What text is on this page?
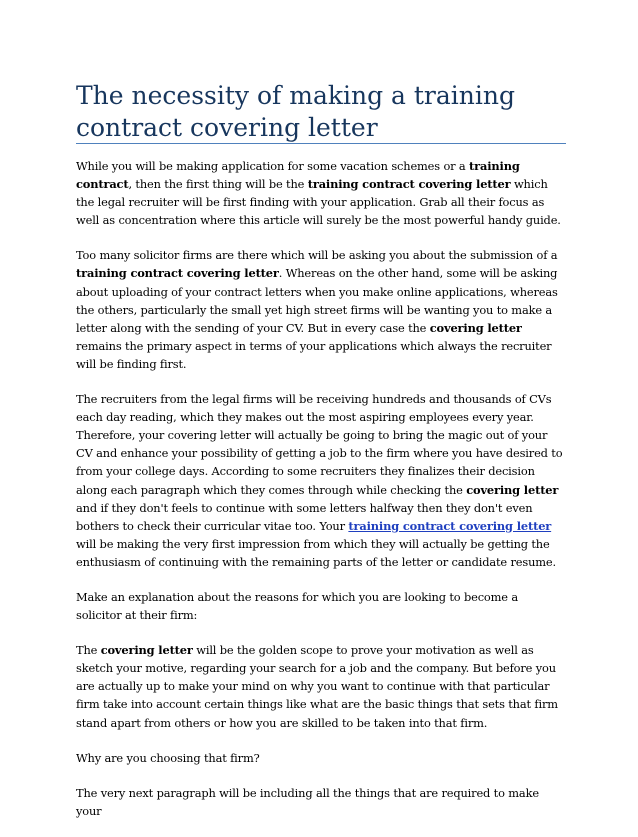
The necessity of making a training contract covering letter

While you will be making application for some vacation schemes or a training contract, then the first thing will be the training contract covering letter which the legal recruiter will be first finding with your application. Grab all their focus as well as concentration where this article will surely be the most powerful handy guide.

Too many solicitor firms are there which will be asking you about the submission of a training contract covering letter. Whereas on the other hand, some will be asking about uploading of your contract letters when you make online applications, whereas the others, particularly the small yet high street firms will be wanting you to make a letter along with the sending of your CV. But in every case the covering letter remains the primary aspect in terms of your applications which always the recruiter will be finding first.

The recruiters from the legal firms will be receiving hundreds and thousands of CVs each day reading, which they makes out the most aspiring employees every year. Therefore, your covering letter will actually be going to bring the magic out of your CV and enhance your possibility of getting a job to the firm where you have desired to from your college days. According to some recruiters they finalizes their decision along each paragraph which they comes through while checking the covering letter and if they don't feels to continue with some letters halfway then they don't even bothers to check their curricular vitae too. Your training contract covering letter will be making the very first impression from which they will actually be getting the enthusiasm of continuing with the remaining parts of the letter or candidate resume.

Make an explanation about the reasons for which you are looking to become a solicitor at their firm:

The covering letter will be the golden scope to prove your motivation as well as sketch your motive, regarding your search for a job and the company. But before you are actually up to make your mind on why you want to continue with that particular firm take into account certain things like what are the basic things that sets that firm stand apart from others or how you are skilled to be taken into that firm.

Why are you choosing that firm?

The very next paragraph will be including all the things that are required to make your
